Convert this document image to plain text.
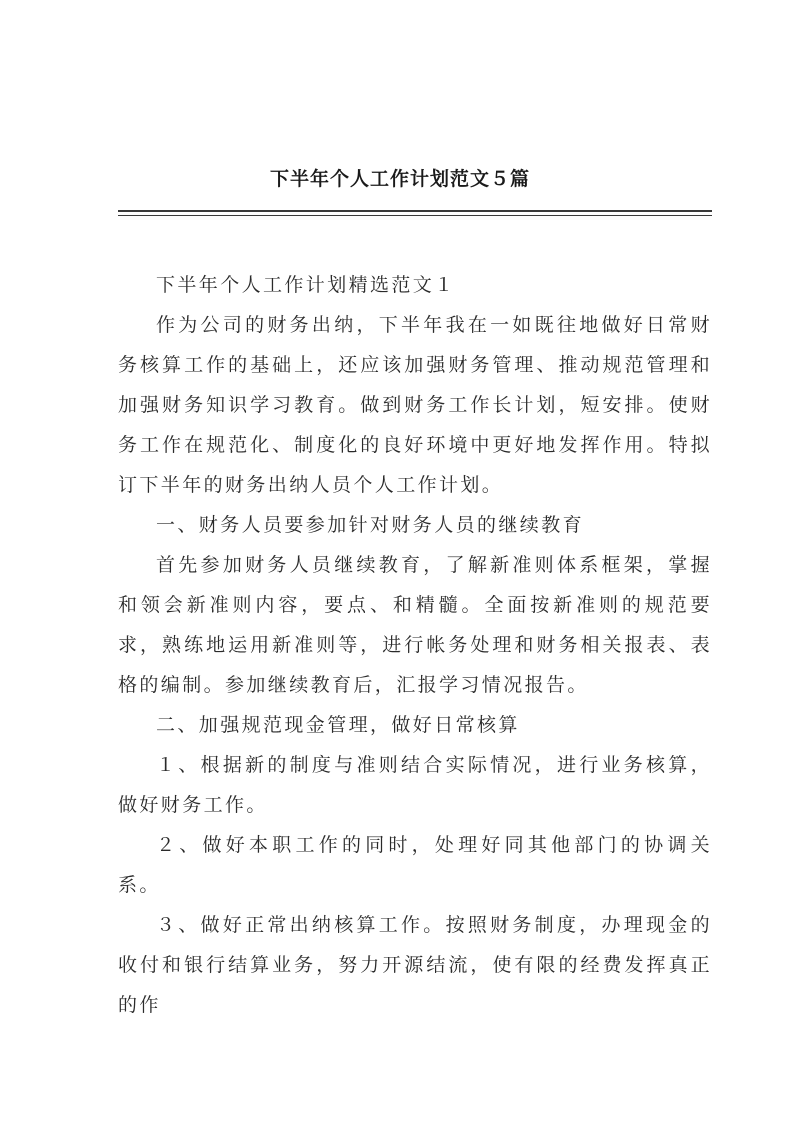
下半年个人工作计划范文５篇

下半年个人工作计划精选范文１

作为公司的财务出纳，下半年我在一如既往地做好日常财务核算工作的基础上，还应该加强财务管理、推动规范管理和加强财务知识学习教育。做到财务工作长计划，短安排。使财务工作在规范化、制度化的良好环境中更好地发挥作用。特拟订下半年的财务出纳人员个人工作计划。

一、财务人员要参加针对财务人员的继续教育

首先参加财务人员继续教育，了解新准则体系框架，掌握和领会新准则内容，要点、和精髓。全面按新准则的规范要求，熟练地运用新准则等，进行帐务处理和财务相关报表、表格的编制。参加继续教育后，汇报学习情况报告。

二、加强规范现金管理，做好日常核算

１、根据新的制度与准则结合实际情况，进行业务核算，做好财务工作。

２、做好本职工作的同时，处理好同其他部门的协调关系。

３、做好正常出纳核算工作。按照财务制度，办理现金的收付和银行结算业务，努力开源结流，使有限的经费发挥真正的作
